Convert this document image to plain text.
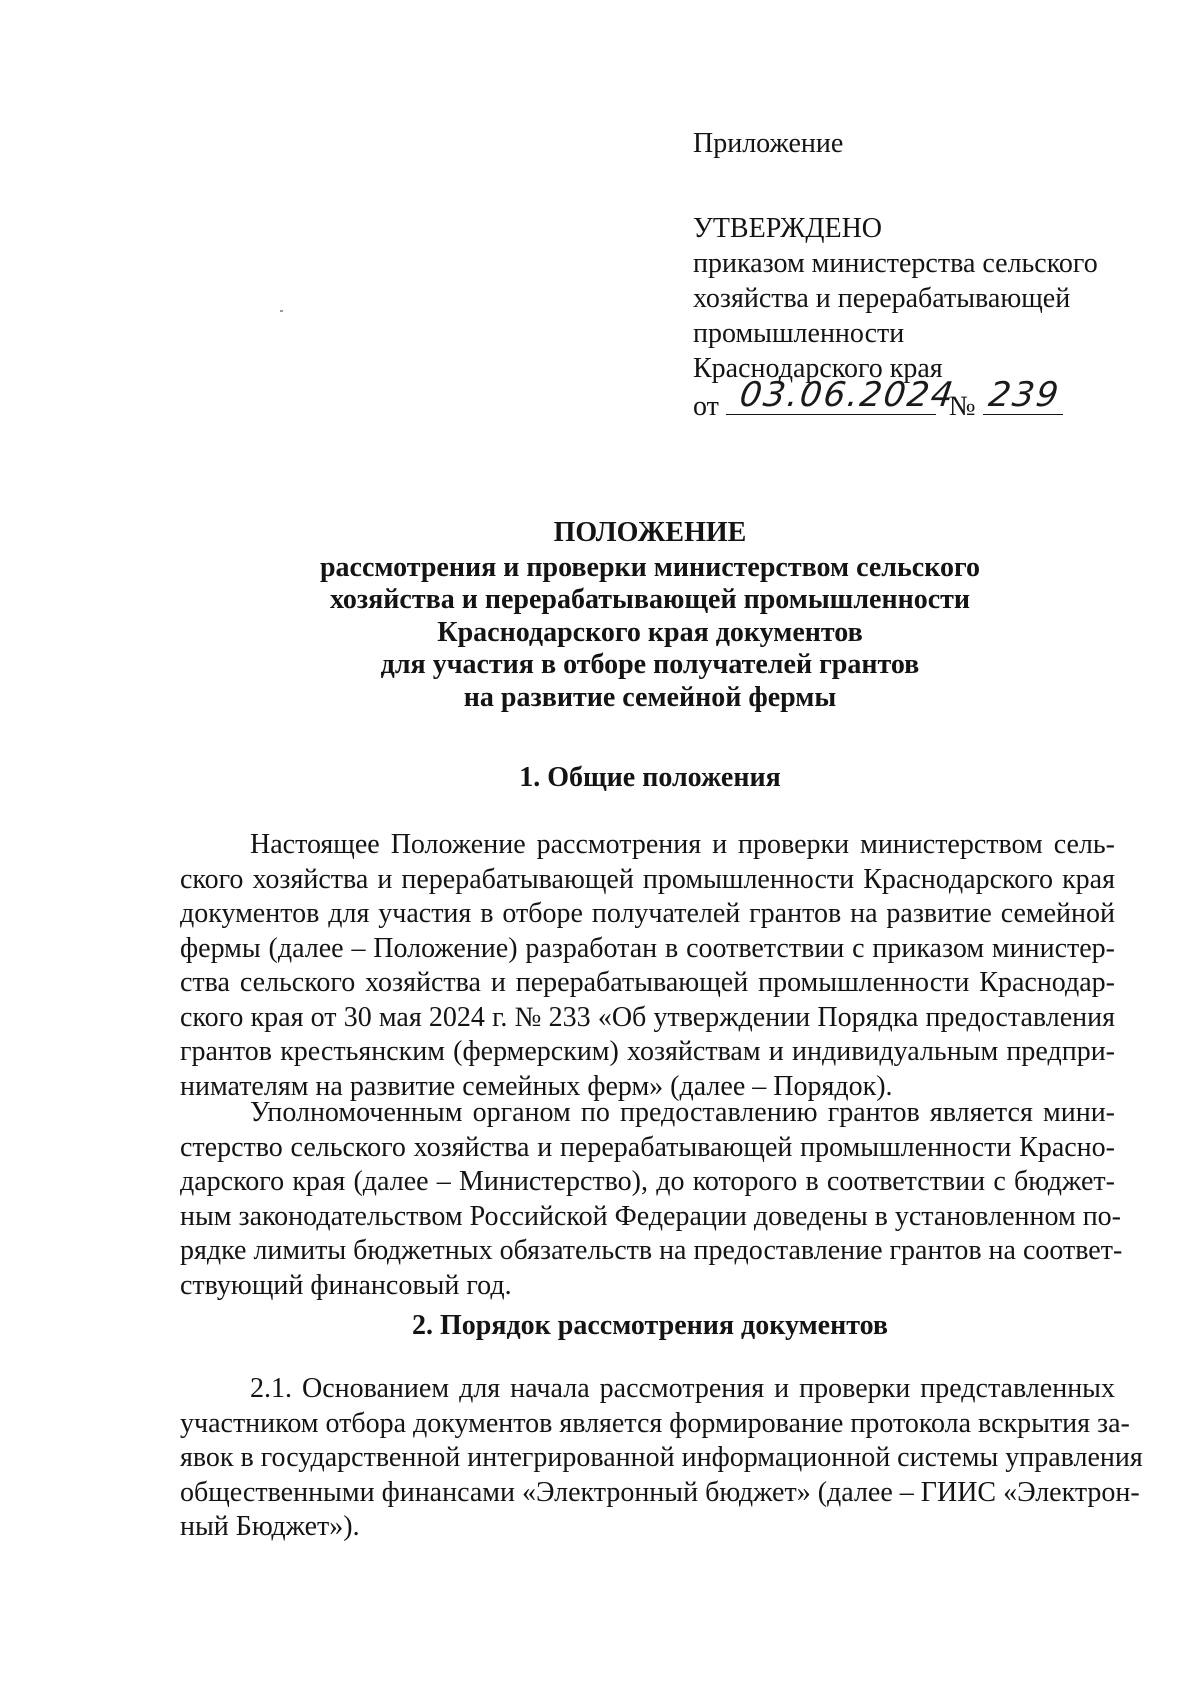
Приложение
УТВЕРЖДЕНО
приказом министерства сельского
хозяйства и перерабатывающей
промышленности
Краснодарского края
от 03.06.2024
№ 239
ПОЛОЖЕНИЕ
рассмотрения и проверки министерством сельского
хозяйства и перерабатывающей промышленности
Краснодарского края документов
для участия в отборе получателей грантов
на развитие семейной фермы
1. Общие положения
Настоящее Положение рассмотрения и проверки министерством сель-
ского хозяйства и перерабатывающей промышленности Краснодарского края
документов для участия в отборе получателей грантов на развитие семейной
фермы (далее – Положение) разработан в соответствии с приказом министер-
ства сельского хозяйства и перерабатывающей промышленности Краснодар-
ского края от 30 мая 2024 г. № 233 «Об утверждении Порядка предоставления
грантов крестьянским (фермерским) хозяйствам и индивидуальным предпри-
нимателям на развитие семейных ферм» (далее – Порядок).
Уполномоченным органом по предоставлению грантов является мини-
стерство сельского хозяйства и перерабатывающей промышленности Красно-
дарского края (далее – Министерство), до которого в соответствии с бюджет-
ным законодательством Российской Федерации доведены в установленном по-
рядке лимиты бюджетных обязательств на предоставление грантов на соответ-
ствующий финансовый год.
2. Порядок рассмотрения документов
2.1. Основанием для начала рассмотрения и проверки представленных
участником отбора документов является формирование протокола вскрытия за-
явок в государственной интегрированной информационной системы управления
общественными финансами «Электронный бюджет» (далее – ГИИС «Электрон-
ный Бюджет»).
